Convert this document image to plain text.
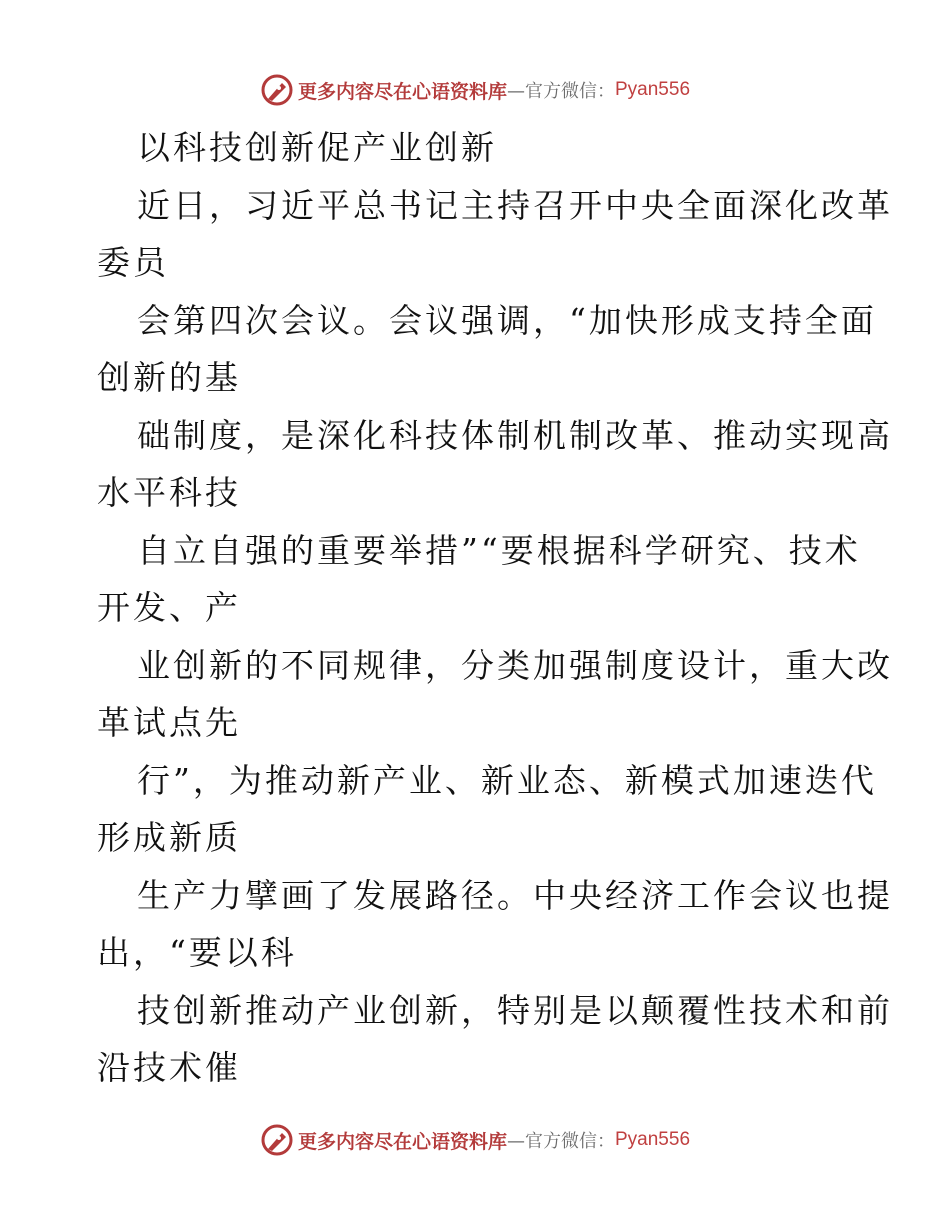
更多内容尽在心语资料库 —官方微信： Pyan556
以科技创新促产业创新
近日，习近平总书记主持召开中央全面深化改革
委员
会第四次会议。会议强调，“加快形成支持全面
创新的基
础制度，是深化科技体制机制改革、推动实现高
水平科技
自立自强的重要举措”“要根据科学研究、技术
开发、产
业创新的不同规律，分类加强制度设计，重大改
革试点先
行”，为推动新产业、新业态、新模式加速迭代
形成新质
生产力擘画了发展路径。中央经济工作会议也提
出，“要以科
技创新推动产业创新，特别是以颠覆性技术和前
沿技术催
更多内容尽在心语资料库 —官方微信： Pyan556
